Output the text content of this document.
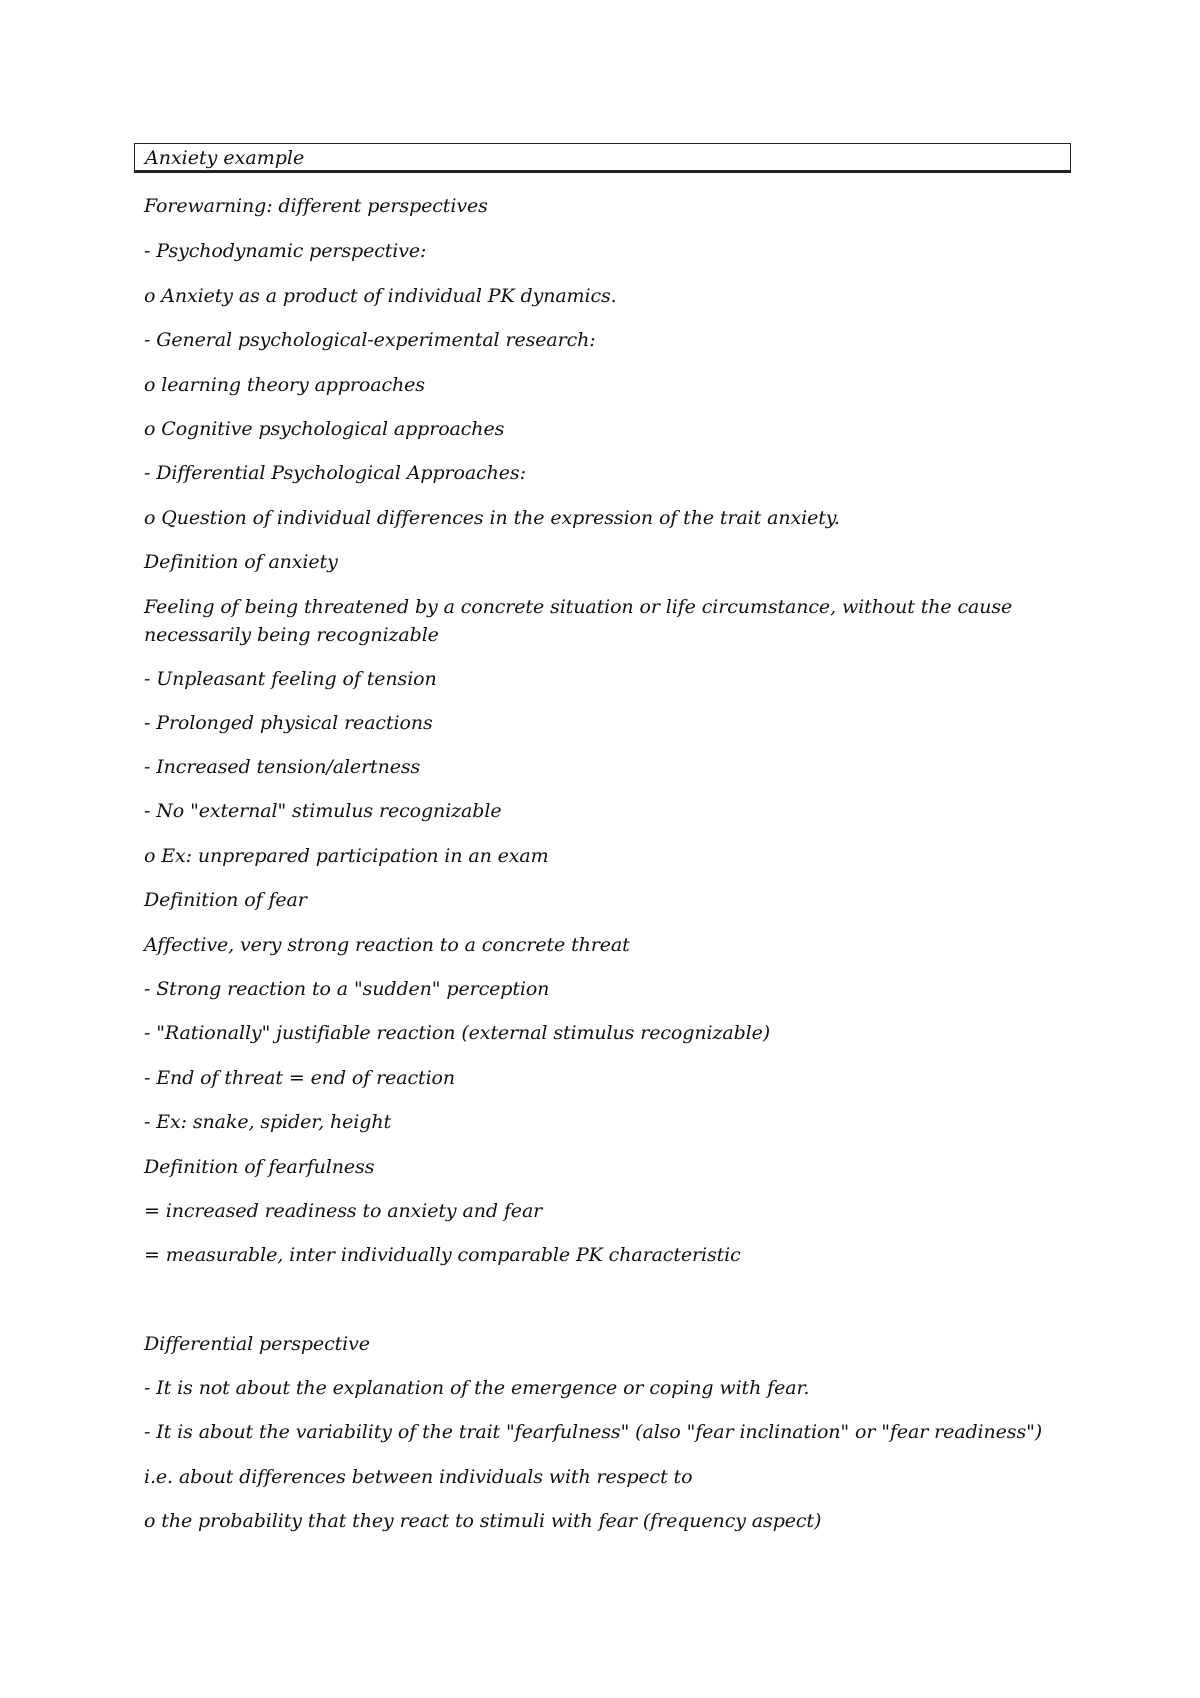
Anxiety example
Forewarning: different perspectives
- Psychodynamic perspective:
o Anxiety as a product of individual PK dynamics.
- General psychological-experimental research:
o learning theory approaches
o Cognitive psychological approaches
- Differential Psychological Approaches:
o Question of individual differences in the expression of the trait anxiety.
Definition of anxiety
Feeling of being threatened by a concrete situation or life circumstance, without the cause necessarily being recognizable
- Unpleasant feeling of tension
- Prolonged physical reactions
- Increased tension/alertness
- No "external" stimulus recognizable
o Ex: unprepared participation in an exam
Definition of fear
Affective, very strong reaction to a concrete threat
- Strong reaction to a "sudden" perception
- "Rationally" justifiable reaction (external stimulus recognizable)
- End of threat = end of reaction
- Ex: snake, spider, height
Definition of fearfulness
= increased readiness to anxiety and fear
= measurable, inter individually comparable PK characteristic
Differential perspective
- It is not about the explanation of the emergence or coping with fear.
- It is about the variability of the trait "fearfulness" (also "fear inclination" or "fear readiness")
i.e. about differences between individuals with respect to
o the probability that they react to stimuli with fear (frequency aspect)
